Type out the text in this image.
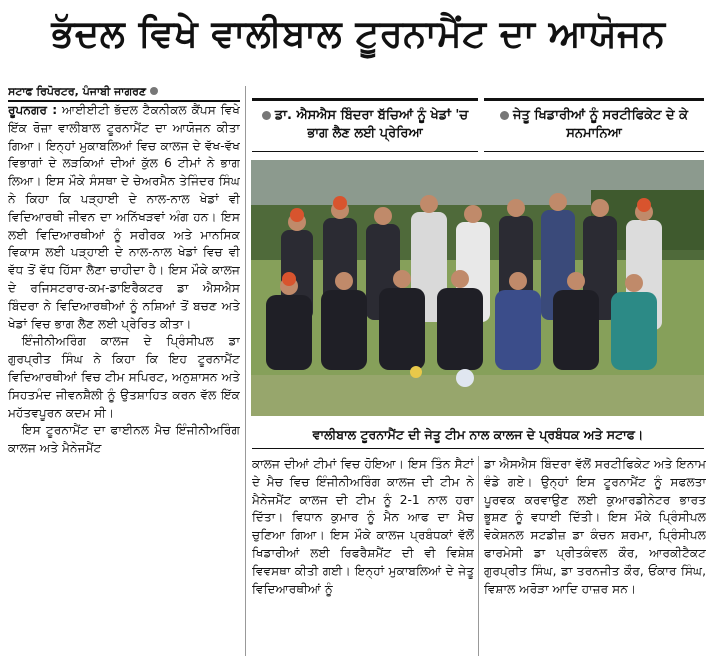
ਭੱਦਲ ਵਿਖੇ ਵਾਲੀਬਾਲ ਟੂਰਨਾਮੈਂਟ ਦਾ ਆਯੋਜਨ
ਸਟਾਫ ਰਿਪੋਰਟਰ, ਪੰਜਾਬੀ ਜਾਗਰਣ

ਰੂਪਨਗਰ : ਆਈਈਟੀ ਭੱਦਲ ਟੈਕਨੀਕਲ ਕੈਂਪਸ ਵਿਖੇ ਇੱਕ ਰੋਜ਼ਾ ਵਾਲੀਬਾਲ ਟੂਰਨਾਮੈਂਟ ਦਾ ਆਯੋਜਨ ਕੀਤਾ ਗਿਆ। ਇਨ੍ਹਾਂ ਮੁਕਾਬਲਿਆਂ ਵਿਚ ਕਾਲਜ ਦੇ ਵੱਖ-ਵੱਖ ਵਿਭਾਗਾਂ ਦੇ ਲੜਕਿਆਂ ਦੀਆਂ ਕੁੱਲ 6 ਟੀਮਾਂ ਨੇ ਭਾਗ ਲਿਆ। ਇਸ ਮੌਕੇ ਸੰਸਥਾ ਦੇ ਚੇਅਰਮੈਨ ਤੇਜਿੰਦਰ ਸਿੰਘ ਨੇ ਕਿਹਾ ਕਿ ਪੜ੍ਹਾਈ ਦੇ ਨਾਲ-ਨਾਲ ਖੇਡਾਂ ਵੀ ਵਿਦਿਆਰਥੀ ਜੀਵਨ ਦਾ ਅਨਿੱਖੜਵਾਂ ਅੰਗ ਹਨ। ਇਸ ਲਈ ਵਿਦਿਆਰਥੀਆਂ ਨੂੰ ਸਰੀਰਕ ਅਤੇ ਮਾਨਸਿਕ ਵਿਕਾਸ ਲਈ ਪੜ੍ਹਾਈ ਦੇ ਨਾਲ-ਨਾਲ ਖੇਡਾਂ ਵਿਚ ਵੀ ਵੱਧ ਤੋਂ ਵੱਧ ਹਿੱਸਾ ਲੈਣਾ ਚਾਹੀਦਾ ਹੈ। ਇਸ ਮੌਕੇ ਕਾਲਜ ਦੇ ਰਜਿਸਟਰਾਰ-ਕਮ-ਡਾਇਰੈਕਟਰ ਡਾ ਐਸਐਸ ਬਿੰਦਰਾ ਨੇ ਵਿਦਿਆਰਥੀਆਂ ਨੂੰ ਨਸ਼ਿਆਂ ਤੋਂ ਬਚਣ ਅਤੇ ਖੇਡਾਂ ਵਿਚ ਭਾਗ ਲੈਣ ਲਈ ਪ੍ਰੇਰਿਤ ਕੀਤਾ।

ਇੰਜੀਨੀਅਰਿੰਗ ਕਾਲਜ ਦੇ ਪ੍ਰਿੰਸੀਪਲ ਡਾ ਗੁਰਪ੍ਰੀਤ ਸਿੰਘ ਨੇ ਕਿਹਾ ਕਿ ਇਹ ਟੂਰਨਾਮੈਂਟ ਵਿਦਿਆਰਥੀਆਂ ਵਿਚ ਟੀਮ ਸਪਿਰਟ, ਅਨੁਸ਼ਾਸਨ ਅਤੇ ਸਿਹਤਮੰਦ ਜੀਵਨਸ਼ੈਲੀ ਨੂੰ ਉਤਸ਼ਾਹਿਤ ਕਰਨ ਵੱਲ ਇੱਕ ਮਹੱਤਵਪੂਰਨ ਕਦਮ ਸੀ।

ਇਸ ਟੂਰਨਾਮੈਂਟ ਦਾ ਫਾਈਨਲ ਮੈਚ ਇੰਜੀਨੀਅਰਿੰਗ ਕਾਲਜ ਅਤੇ ਮੈਨੇਜਮੈਂਟ

ਡਾ. ਐਸਐਸ ਬਿੰਦਰਾ ਬੱਚਿਆਂ ਨੂੰ ਖੇਡਾਂ 'ਚ ਭਾਗ ਲੈਣ ਲਈ ਪ੍ਰੇਰਿਆ
ਜੇਤੂ ਖਿਡਾਰੀਆਂ ਨੂੰ ਸਰਟੀਫਿਕੇਟ ਦੇ ਕੇ ਸਨਮਾਨਿਆ
ਵਾਲੀਬਾਲ ਟੂਰਨਾਮੈਂਟ ਦੀ ਜੇਤੂ ਟੀਮ ਨਾਲ ਕਾਲਜ ਦੇ ਪ੍ਰਬੰਧਕ ਅਤੇ ਸਟਾਫ।

ਕਾਲਜ ਦੀਆਂ ਟੀਮਾਂ ਵਿਚ ਹੋਇਆ। ਇਸ ਤਿੰਨ ਸੈਟਾਂ ਦੇ ਮੈਚ ਵਿਚ ਇੰਜੀਨੀਅਰਿੰਗ ਕਾਲਜ ਦੀ ਟੀਮ ਨੇ ਮੈਨੇਜਮੈਂਟ ਕਾਲਜ ਦੀ ਟੀਮ ਨੂੰ 2-1 ਨਾਲ ਹਰਾ ਦਿੱਤਾ। ਵਿਧਾਨ ਕੁਮਾਰ ਨੂੰ ਮੈਨ ਆਫ ਦਾ ਮੈਚ ਚੁਣਿਆ ਗਿਆ। ਇਸ ਮੌਕੇ ਕਾਲਜ ਪ੍ਰਬੰਧਕਾਂ ਵੱਲੋਂ ਖਿਡਾਰੀਆਂ ਲਈ ਰਿਫਰੈਸ਼ਮੈਂਟ ਦੀ ਵੀ ਵਿਸ਼ੇਸ਼ ਵਿਵਸਥਾ ਕੀਤੀ ਗਈ। ਇਨ੍ਹਾਂ ਮੁਕਾਬਲਿਆਂ ਦੇ ਜੇਤੂ ਵਿਦਿਆਰਥੀਆਂ ਨੂੰ

ਡਾ ਐਸਐਸ ਬਿੰਦਰਾ ਵੱਲੋਂ ਸਰਟੀਫਿਕੇਟ ਅਤੇ ਇਨਾਮ ਵੰਡੇ ਗਏ। ਉਨ੍ਹਾਂ ਇਸ ਟੂਰਨਾਮੈਂਟ ਨੂੰ ਸਫਲਤਾ ਪੂਰਵਕ ਕਰਵਾਉਣ ਲਈ ਕੁਆਰਡੀਨੇਟਰ ਭਾਰਤ ਭੂਸ਼ਣ ਨੂੰ ਵਧਾਈ ਦਿੱਤੀ। ਇਸ ਮੌਕੇ ਪ੍ਰਿੰਸੀਪਲ ਵੋਕੇਸ਼ਨਲ ਸਟਡੀਜ਼ ਡਾ ਕੰਚਨ ਸ਼ਰਮਾ, ਪ੍ਰਿੰਸੀਪਲ ਫਾਰਮੇਸੀ ਡਾ ਪ੍ਰੀਤਕੰਵਲ ਕੌਰ, ਆਰਕੀਟੈਕਟ ਗੁਰਪ੍ਰੀਤ ਸਿੰਘ, ਡਾ ਤਰਨਜੀਤ ਕੌਰ, ਓਂਕਾਰ ਸਿੰਘ, ਵਿਸ਼ਾਲ ਅਰੋੜਾ ਆਦਿ ਹਾਜ਼ਰ ਸਨ।
